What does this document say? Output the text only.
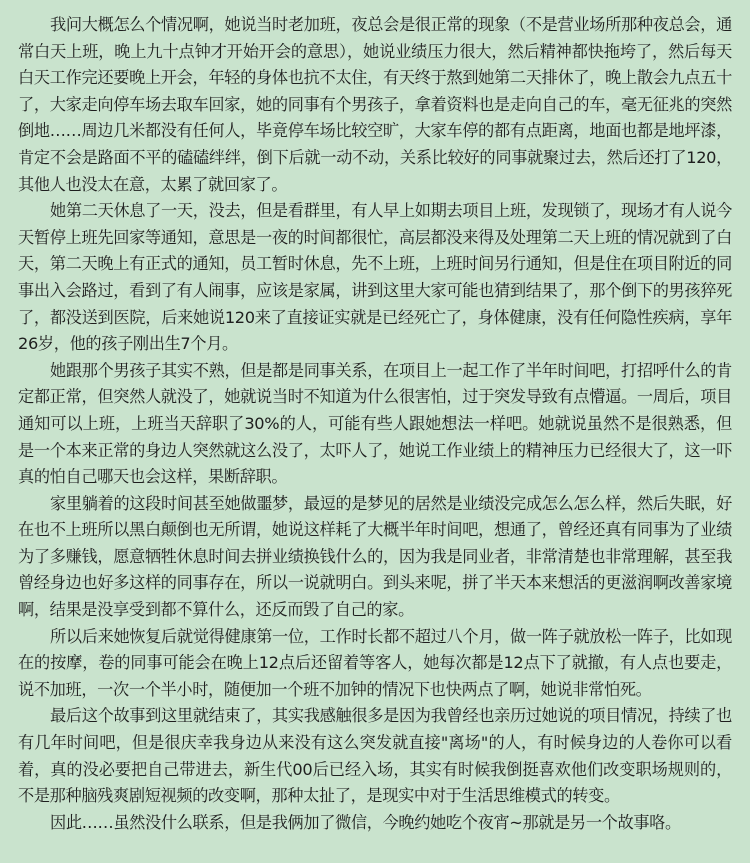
我问大概怎么个情况啊，她说当时老加班，夜总会是很正常的现象（不是营业场所那种夜总会，通常白天上班，晚上九十点钟才开始开会的意思），她说业绩压力很大，然后精神都快拖垮了，然后每天白天工作完还要晚上开会，年轻的身体也抗不太住，有天终于熬到她第二天排休了，晚上散会九点五十了，大家走向停车场去取车回家，她的同事有个男孩子，拿着资料也是走向自己的车，毫无征兆的突然倒地……周边几米都没有任何人，毕竟停车场比较空旷，大家车停的都有点距离，地面也都是地坪漆，肯定不会是路面不平的磕磕绊绊，倒下后就一动不动，关系比较好的同事就聚过去，然后还打了120，其他人也没太在意，太累了就回家了。

她第二天休息了一天，没去，但是看群里，有人早上如期去项目上班，发现锁了，现场才有人说今天暂停上班先回家等通知，意思是一夜的时间都很忙，高层都没来得及处理第二天上班的情况就到了白天，第二天晚上有正式的通知，员工暂时休息，先不上班，上班时间另行通知，但是住在项目附近的同事出入会路过，看到了有人闹事，应该是家属，讲到这里大家可能也猜到结果了，那个倒下的男孩猝死了，都没送到医院，后来她说120来了直接证实就是已经死亡了，身体健康，没有任何隐性疾病，享年26岁，他的孩子刚出生7个月。

她跟那个男孩子其实不熟，但是都是同事关系，在项目上一起工作了半年时间吧，打招呼什么的肯定都正常，但突然人就没了，她就说当时不知道为什么很害怕，过于突发导致有点懵逼。一周后，项目通知可以上班，上班当天辞职了30%的人，可能有些人跟她想法一样吧。她就说虽然不是很熟悉，但是一个本来正常的身边人突然就这么没了，太吓人了，她说工作业绩上的精神压力已经很大了，这一吓真的怕自己哪天也会这样，果断辞职。

家里躺着的这段时间甚至她做噩梦，最逗的是梦见的居然是业绩没完成怎么怎么样，然后失眠，好在也不上班所以黑白颠倒也无所谓，她说这样耗了大概半年时间吧，想通了，曾经还真有同事为了业绩为了多赚钱，愿意牺牲休息时间去拼业绩换钱什么的，因为我是同业者，非常清楚也非常理解，甚至我曾经身边也好多这样的同事存在，所以一说就明白。到头来呢，拼了半天本来想活的更滋润啊改善家境啊，结果是没享受到都不算什么，还反而毁了自己的家。

所以后来她恢复后就觉得健康第一位，工作时长都不超过八个月，做一阵子就放松一阵子，比如现在的按摩，卷的同事可能会在晚上12点后还留着等客人，她每次都是12点下了就撤，有人点也要走，说不加班，一次一个半小时，随便加一个班不加钟的情况下也快两点了啊，她说非常怕死。

最后这个故事到这里就结束了，其实我感触很多是因为我曾经也亲历过她说的项目情况，持续了也有几年时间吧，但是很庆幸我身边从来没有这么突发就直接"离场"的人，有时候身边的人卷你可以看着，真的没必要把自己带进去，新生代00后已经入场，其实有时候我倒挺喜欢他们改变职场规则的，不是那种脑残爽剧短视频的改变啊，那种太扯了，是现实中对于生活思维模式的转变。

因此……虽然没什么联系，但是我俩加了微信，今晚约她吃个夜宵~那就是另一个故事咯。
